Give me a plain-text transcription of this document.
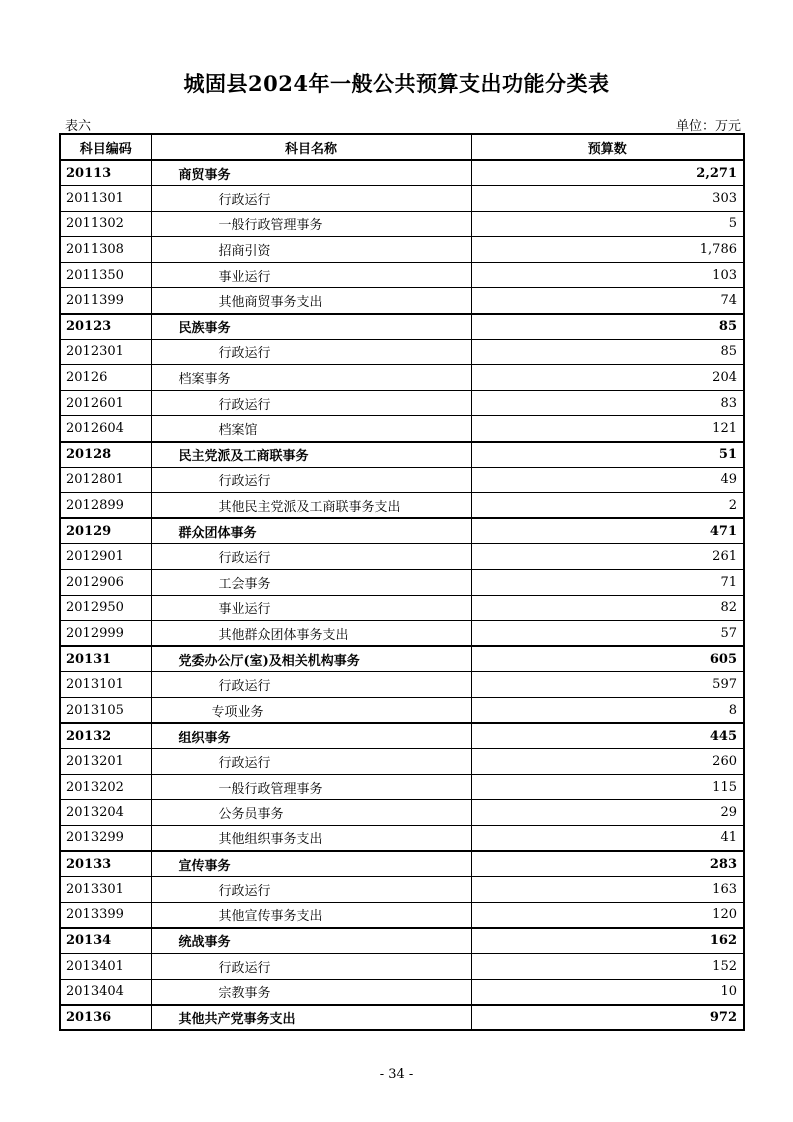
城固县2024年一般公共预算支出功能分类表
表六	单位：万元
科目编码	科目名称	预算数
20113	商贸事务	2,271
2011301	行政运行	303
2011302	一般行政管理事务	5
2011308	招商引资	1,786
2011350	事业运行	103
2011399	其他商贸事务支出	74
20123	民族事务	85
2012301	行政运行	85
20126	档案事务	204
2012601	行政运行	83
2012604	档案馆	121
20128	民主党派及工商联事务	51
2012801	行政运行	49
2012899	其他民主党派及工商联事务支出	2
20129	群众团体事务	471
2012901	行政运行	261
2012906	工会事务	71
2012950	事业运行	82
2012999	其他群众团体事务支出	57
20131	党委办公厅(室)及相关机构事务	605
2013101	行政运行	597
2013105	专项业务	8
20132	组织事务	445
2013201	行政运行	260
2013202	一般行政管理事务	115
2013204	公务员事务	29
2013299	其他组织事务支出	41
20133	宣传事务	283
2013301	行政运行	163
2013399	其他宣传事务支出	120
20134	统战事务	162
2013401	行政运行	152
2013404	宗教事务	10
20136	其他共产党事务支出	972
- 34 -
